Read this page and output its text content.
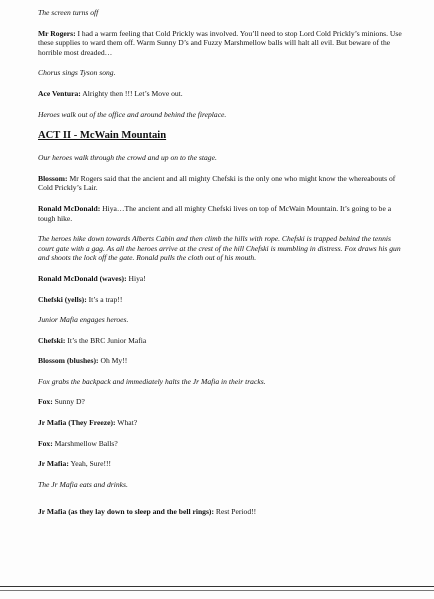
The screen turns off

Mr Rogers: I had a warm feeling that Cold Prickly was involved. You’ll need to stop Lord Cold Prickly’s minions. Use these supplies to ward them off. Warm Sunny D’s and Fuzzy Marshmellow balls will halt all evil. But beware of the horrible most dreaded…

Chorus sings Tyson song.

Ace Ventura: Alrighty then !!! Let’s Move out.

Heroes walk out of the office and around behind the fireplace.

ACT II - McWain Mountain

Our heroes walk through the crowd and up on to the stage.

Blossom: Mr Rogers said that the ancient and all mighty Chefski is the only one who might know the whereabouts of Cold Prickly’s Lair.

Ronald McDonald: Hiya…The ancient and all mighty Chefski lives on top of McWain Mountain. It’s going to be a tough hike.

The heroes hike down towards Alberts Cabin and then climb the hills with rope. Chefski is trapped behind the tennis court gate with a gag. As all the heroes arrive at the crest of the hill Chefski is mumbling in distress. Fox draws his gun and shoots the lock off the gate. Ronald pulls the cloth out of his mouth.

Ronald McDonald (waves): Hiya!

Chefski (yells): It’s a trap!!

Junior Mafia engages heroes.

Chefski: It’s the BRC Junior Mafia

Blossom (blushes): Oh My!!

Fox grabs the backpack and immediately halts the Jr Mafia in their tracks.

Fox: Sunny D?

Jr Mafia (They Freeze): What?

Fox: Marshmellow Balls?

Jr Mafia: Yeah, Sure!!!

The Jr Mafia eats and drinks.

Jr Mafia (as they lay down to sleep and the bell rings): Rest Period!!
